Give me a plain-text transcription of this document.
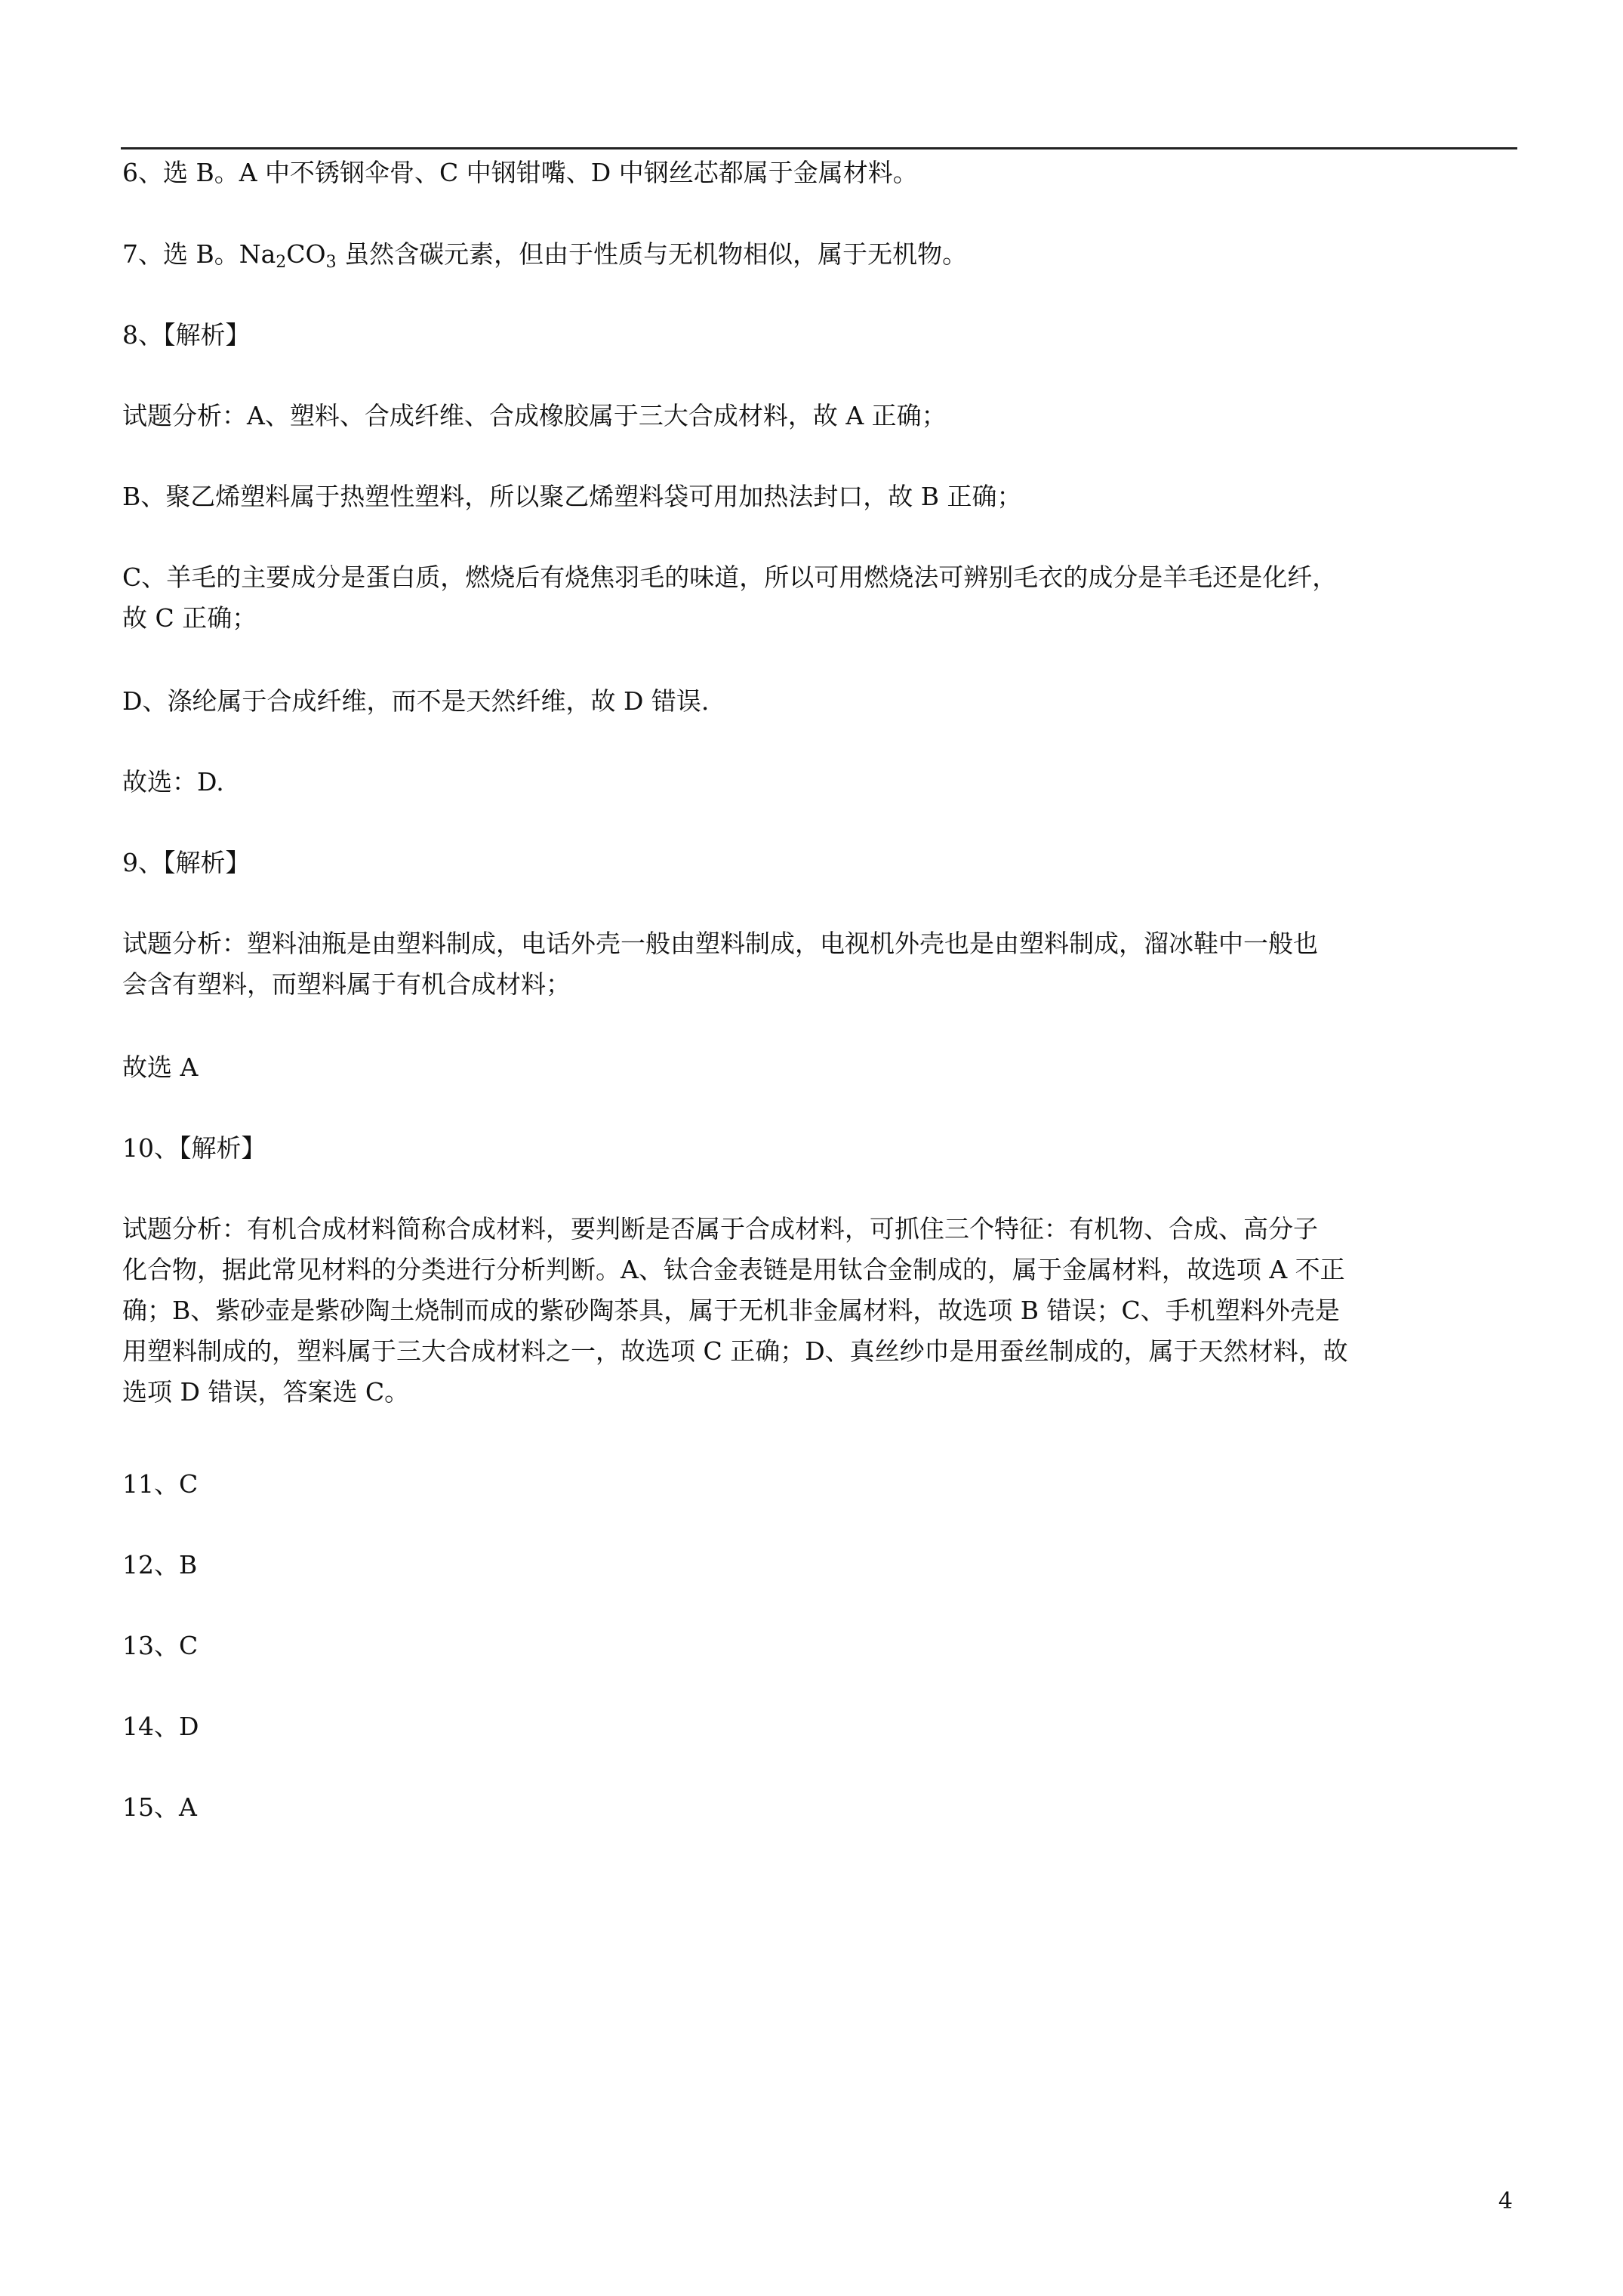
6、选 B。A 中不锈钢伞骨、C 中钢钳嘴、D 中钢丝芯都属于金属材料。
7、选 B。$Na_2CO_3$ 虽然含碳元素，但由于性质与无机物相似，属于无机物。
8、【解析】
试题分析：A、塑料、合成纤维、合成橡胶属于三大合成材料，故 A 正确；
B、聚乙烯塑料属于热塑性塑料，所以聚乙烯塑料袋可用加热法封口，故 B 正确；
C、羊毛的主要成分是蛋白质，燃烧后有烧焦羽毛的味道，所以可用燃烧法可辨别毛衣的成分是羊毛还是化纤，
故 C 正确；
D、涤纶属于合成纤维，而不是天然纤维，故 D 错误.
故选：D.
9、【解析】
试题分析：塑料油瓶是由塑料制成，电话外壳一般由塑料制成，电视机外壳也是由塑料制成，溜冰鞋中一般也
会含有塑料，而塑料属于有机合成材料；
故选 A
10、【解析】
试题分析：有机合成材料简称合成材料，要判断是否属于合成材料，可抓住三个特征：有机物、合成、高分子
化合物，据此常见材料的分类进行分析判断。A、钛合金表链是用钛合金制成的，属于金属材料，故选项 A 不正
确；B、紫砂壶是紫砂陶土烧制而成的紫砂陶茶具，属于无机非金属材料，故选项 B 错误；C、手机塑料外壳是
用塑料制成的，塑料属于三大合成材料之一，故选项 C 正确；D、真丝纱巾是用蚕丝制成的，属于天然材料，故
选项 D 错误，答案选 C。
11、C
12、B
13、C
14、D
15、A
4
